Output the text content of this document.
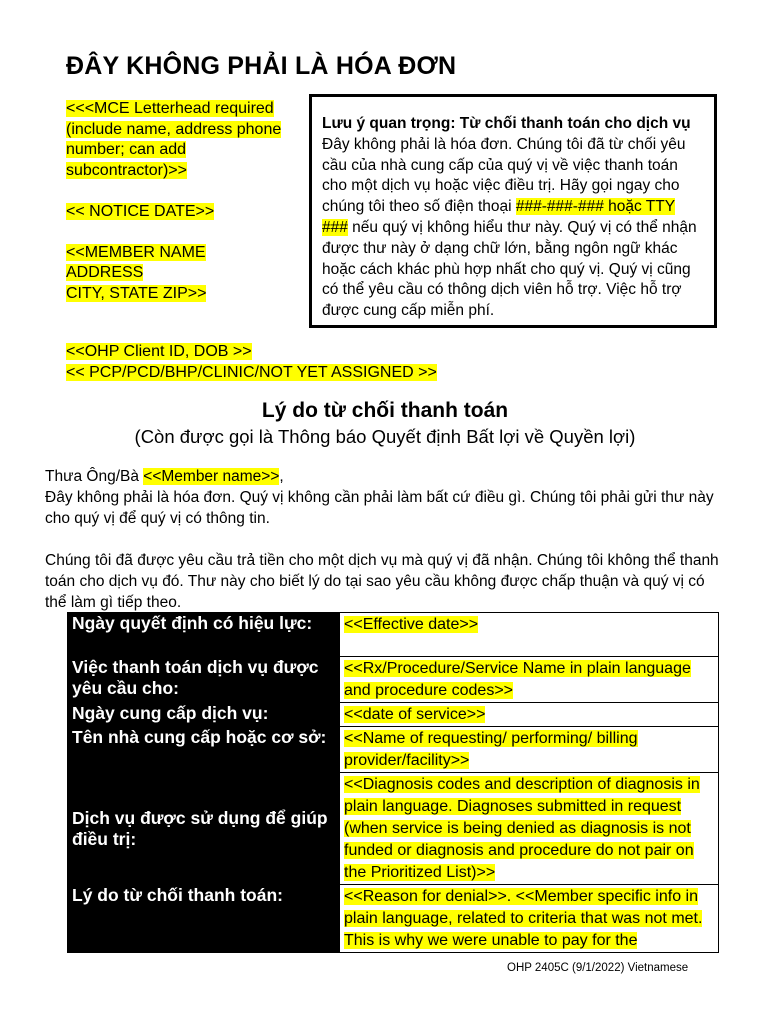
ĐÂY KHÔNG PHẢI LÀ HÓA ĐƠN
<<<MCE Letterhead required (include name, address phone number; can add subcontractor)>>
<< NOTICE DATE>>
<<MEMBER NAME
ADDRESS
CITY, STATE ZIP>>
Lưu ý quan trọng: Từ chối thanh toán cho dịch vụ
Đây không phải là hóa đơn. Chúng tôi đã từ chối yêu cầu của nhà cung cấp của quý vị về việc thanh toán cho một dịch vụ hoặc việc điều trị. Hãy gọi ngay cho chúng tôi theo số điện thoại ###-###-### hoặc TTY ### nếu quý vị không hiểu thư này. Quý vị có thể nhận được thư này ở dạng chữ lớn, bằng ngôn ngữ khác hoặc cách khác phù hợp nhất cho quý vị. Quý vị cũng có thể yêu cầu có thông dịch viên hỗ trợ. Việc hỗ trợ được cung cấp miễn phí.
<<OHP Client ID, DOB >>
<< PCP/PCD/BHP/CLINIC/NOT YET ASSIGNED >>
Lý do từ chối thanh toán
(Còn được gọi là Thông báo Quyết định Bất lợi về Quyền lợi)
Thưa Ông/Bà <<Member name>>,
Đây không phải là hóa đơn. Quý vị không cần phải làm bất cứ điều gì. Chúng tôi phải gửi thư này cho quý vị để quý vị có thông tin.
Chúng tôi đã được yêu cầu trả tiền cho một dịch vụ mà quý vị đã nhận. Chúng tôi không thể thanh toán cho dịch vụ đó. Thư này cho biết lý do tại sao yêu cầu không được chấp thuận và quý vị có thể làm gì tiếp theo.
Ngày quyết định có hiệu lực:	<<Effective date>>
Việc thanh toán dịch vụ được yêu cầu cho:	<<Rx/Procedure/Service Name in plain language and procedure codes>>
Ngày cung cấp dịch vụ:	<<date of service>>
Tên nhà cung cấp hoặc cơ sở:	<<Name of requesting/ performing/ billing provider/facility>>
Dịch vụ được sử dụng để giúp điều trị:	<<Diagnosis codes and description of diagnosis in plain language. Diagnoses submitted in request (when service is being denied as diagnosis is not funded or diagnosis and procedure do not pair on the Prioritized List)>>
Lý do từ chối thanh toán:	<<Reason for denial>>. <<Member specific info in plain language, related to criteria that was not met. This is why we were unable to pay for the
OHP 2405C (9/1/2022) Vietnamese
